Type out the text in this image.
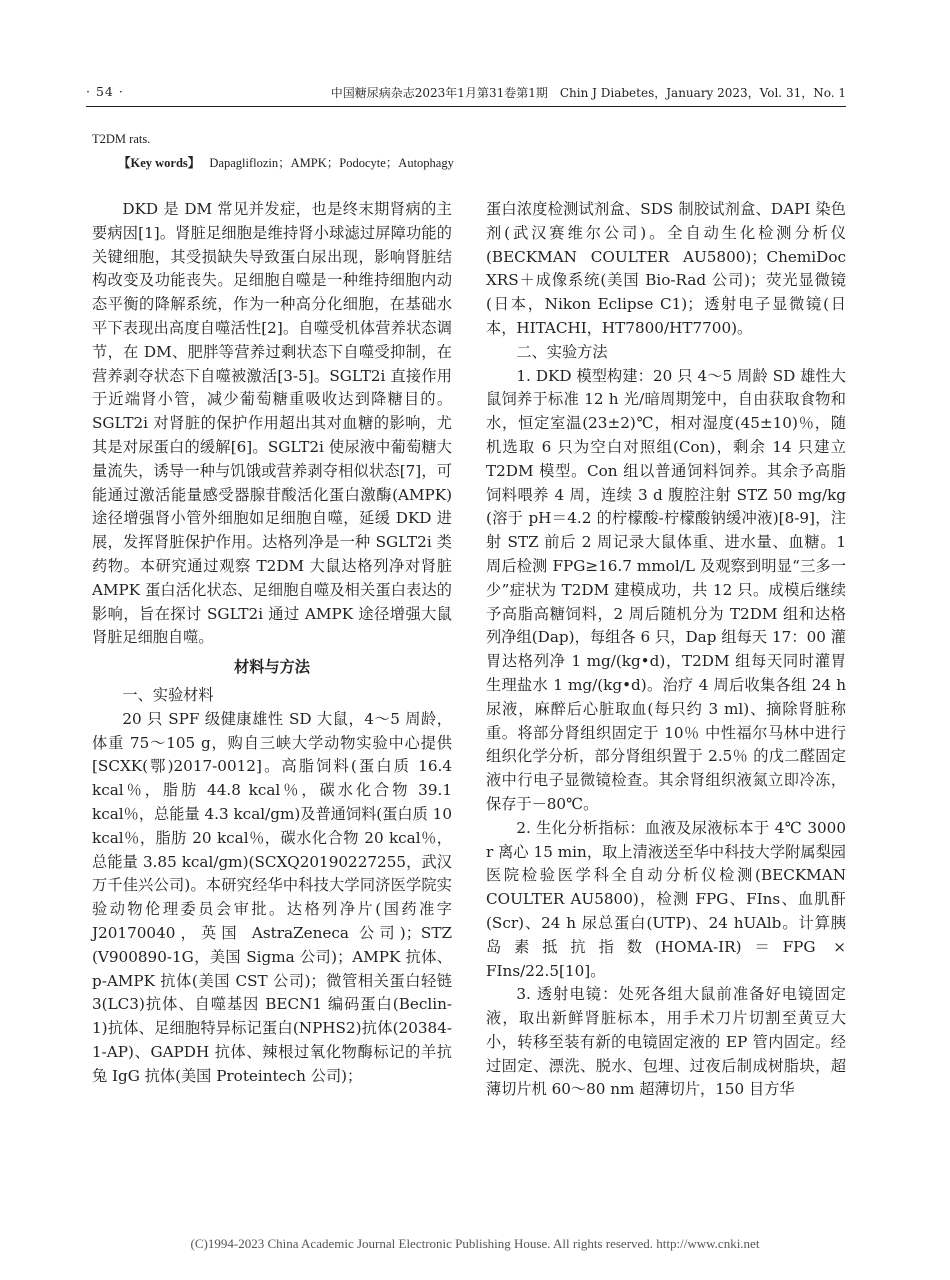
· 54 ·	中国糖尿病杂志2023年1月第31卷第1期　Chin J Diabetes，January 2023，Vol. 31，No. 1
T2DM rats.
【Key words】 Dapagliflozin；AMPK；Podocyte；Autophagy

DKD 是 DM 常见并发症，也是终末期肾病的主要病因[1]。肾脏足细胞是维持肾小球滤过屏障功能的关键细胞，其受损缺失导致蛋白尿出现，影响肾脏结构改变及功能丧失。足细胞自噬是一种维持细胞内动态平衡的降解系统，作为一种高分化细胞，在基础水平下表现出高度自噬活性[2]。自噬受机体营养状态调节，在 DM、肥胖等营养过剩状态下自噬受抑制，在营养剥夺状态下自噬被激活[3-5]。SGLT2i 直接作用于近端肾小管，减少葡萄糖重吸收达到降糖目的。SGLT2i 对肾脏的保护作用超出其对血糖的影响，尤其是对尿蛋白的缓解[6]。SGLT2i 使尿液中葡萄糖大量流失，诱导一种与饥饿或营养剥夺相似状态[7]，可能通过激活能量感受器腺苷酸活化蛋白激酶(AMPK)途径增强肾小管外细胞如足细胞自噬，延缓 DKD 进展，发挥肾脏保护作用。达格列净是一种 SGLT2i 类药物。本研究通过观察 T2DM 大鼠达格列净对肾脏 AMPK 蛋白活化状态、足细胞自噬及相关蛋白表达的影响，旨在探讨 SGLT2i 通过 AMPK 途径增强大鼠肾脏足细胞自噬。

材料与方法

一、实验材料

20 只 SPF 级健康雄性 SD 大鼠，4～5 周龄，体重 75～105 g，购自三峡大学动物实验中心提供[SCXK(鄂)2017-0012]。高脂饲料(蛋白质 16.4 kcal％，脂肪 44.8 kcal％，碳水化合物 39.1 kcal％，总能量 4.3 kcal/gm)及普通饲料(蛋白质 10 kcal％，脂肪 20 kcal％，碳水化合物 20 kcal％，总能量 3.85 kcal/gm)(SCXQ20190227255，武汉万千佳兴公司)。本研究经华中科技大学同济医学院实验动物伦理委员会审批。达格列净片(国药准字 J20170040，英国 AstraZeneca 公司)；STZ (V900890-1G，美国 Sigma 公司)；AMPK 抗体、p-AMPK 抗体(美国 CST 公司)；微管相关蛋白轻链 3(LC3)抗体、自噬基因 BECN1 编码蛋白(Beclin-1)抗体、足细胞特异标记蛋白(NPHS2)抗体(20384-1-AP)、GAPDH 抗体、辣根过氧化物酶标记的羊抗兔 IgG 抗体(美国 Proteintech 公司)；

蛋白浓度检测试剂盒、SDS 制胶试剂盒、DAPI 染色剂(武汉赛维尔公司)。全自动生化检测分析仪(BECKMAN COULTER AU5800)；ChemiDoc XRS＋成像系统(美国 Bio-Rad 公司)；荧光显微镜(日本，Nikon Eclipse C1)；透射电子显微镜(日本，HITACHI，HT7800/HT7700)。

二、实验方法

1. DKD 模型构建：20 只 4～5 周龄 SD 雄性大鼠饲养于标准 12 h 光/暗周期笼中，自由获取食物和水，恒定室温(23±2)℃，相对湿度(45±10)％，随机选取 6 只为空白对照组(Con)，剩余 14 只建立 T2DM 模型。Con 组以普通饲料饲养。其余予高脂饲料喂养 4 周，连续 3 d 腹腔注射 STZ 50 mg/kg (溶于 pH＝4.2 的柠檬酸-柠檬酸钠缓冲液)[8-9]，注射 STZ 前后 2 周记录大鼠体重、进水量、血糖。1 周后检测 FPG≥16.7 mmol/L 及观察到明显“三多一少”症状为 T2DM 建模成功，共 12 只。成模后继续予高脂高糖饲料，2 周后随机分为 T2DM 组和达格列净组(Dap)，每组各 6 只，Dap 组每天 17：00 灌胃达格列净 1 mg/(kg•d)，T2DM 组每天同时灌胃生理盐水 1 mg/(kg•d)。治疗 4 周后收集各组 24 h 尿液，麻醉后心脏取血(每只约 3 ml)、摘除肾脏称重。将部分肾组织固定于 10％ 中性福尔马林中进行组织化学分析，部分肾组织置于 2.5％ 的戊二醛固定液中行电子显微镜检查。其余肾组织液氮立即冷冻，保存于－80℃。

2. 生化分析指标：血液及尿液标本于 4℃ 3000 r 离心 15 min，取上清液送至华中科技大学附属梨园医院检验医学科全自动分析仪检测(BECKMAN COULTER AU5800)，检测 FPG、FIns、血肌酐(Scr)、24 h 尿总蛋白(UTP)、24 hUAlb。计算胰岛素抵抗指数(HOMA-IR)＝FPG × FIns/22.5[10]。

3. 透射电镜：处死各组大鼠前准备好电镜固定液，取出新鲜肾脏标本，用手术刀片切割至黄豆大小，转移至装有新的电镜固定液的 EP 管内固定。经过固定、漂洗、脱水、包埋、过夜后制成树脂块，超薄切片机 60～80 nm 超薄切片，150 目方华

(C)1994-2023 China Academic Journal Electronic Publishing House. All rights reserved. http://www.cnki.net
